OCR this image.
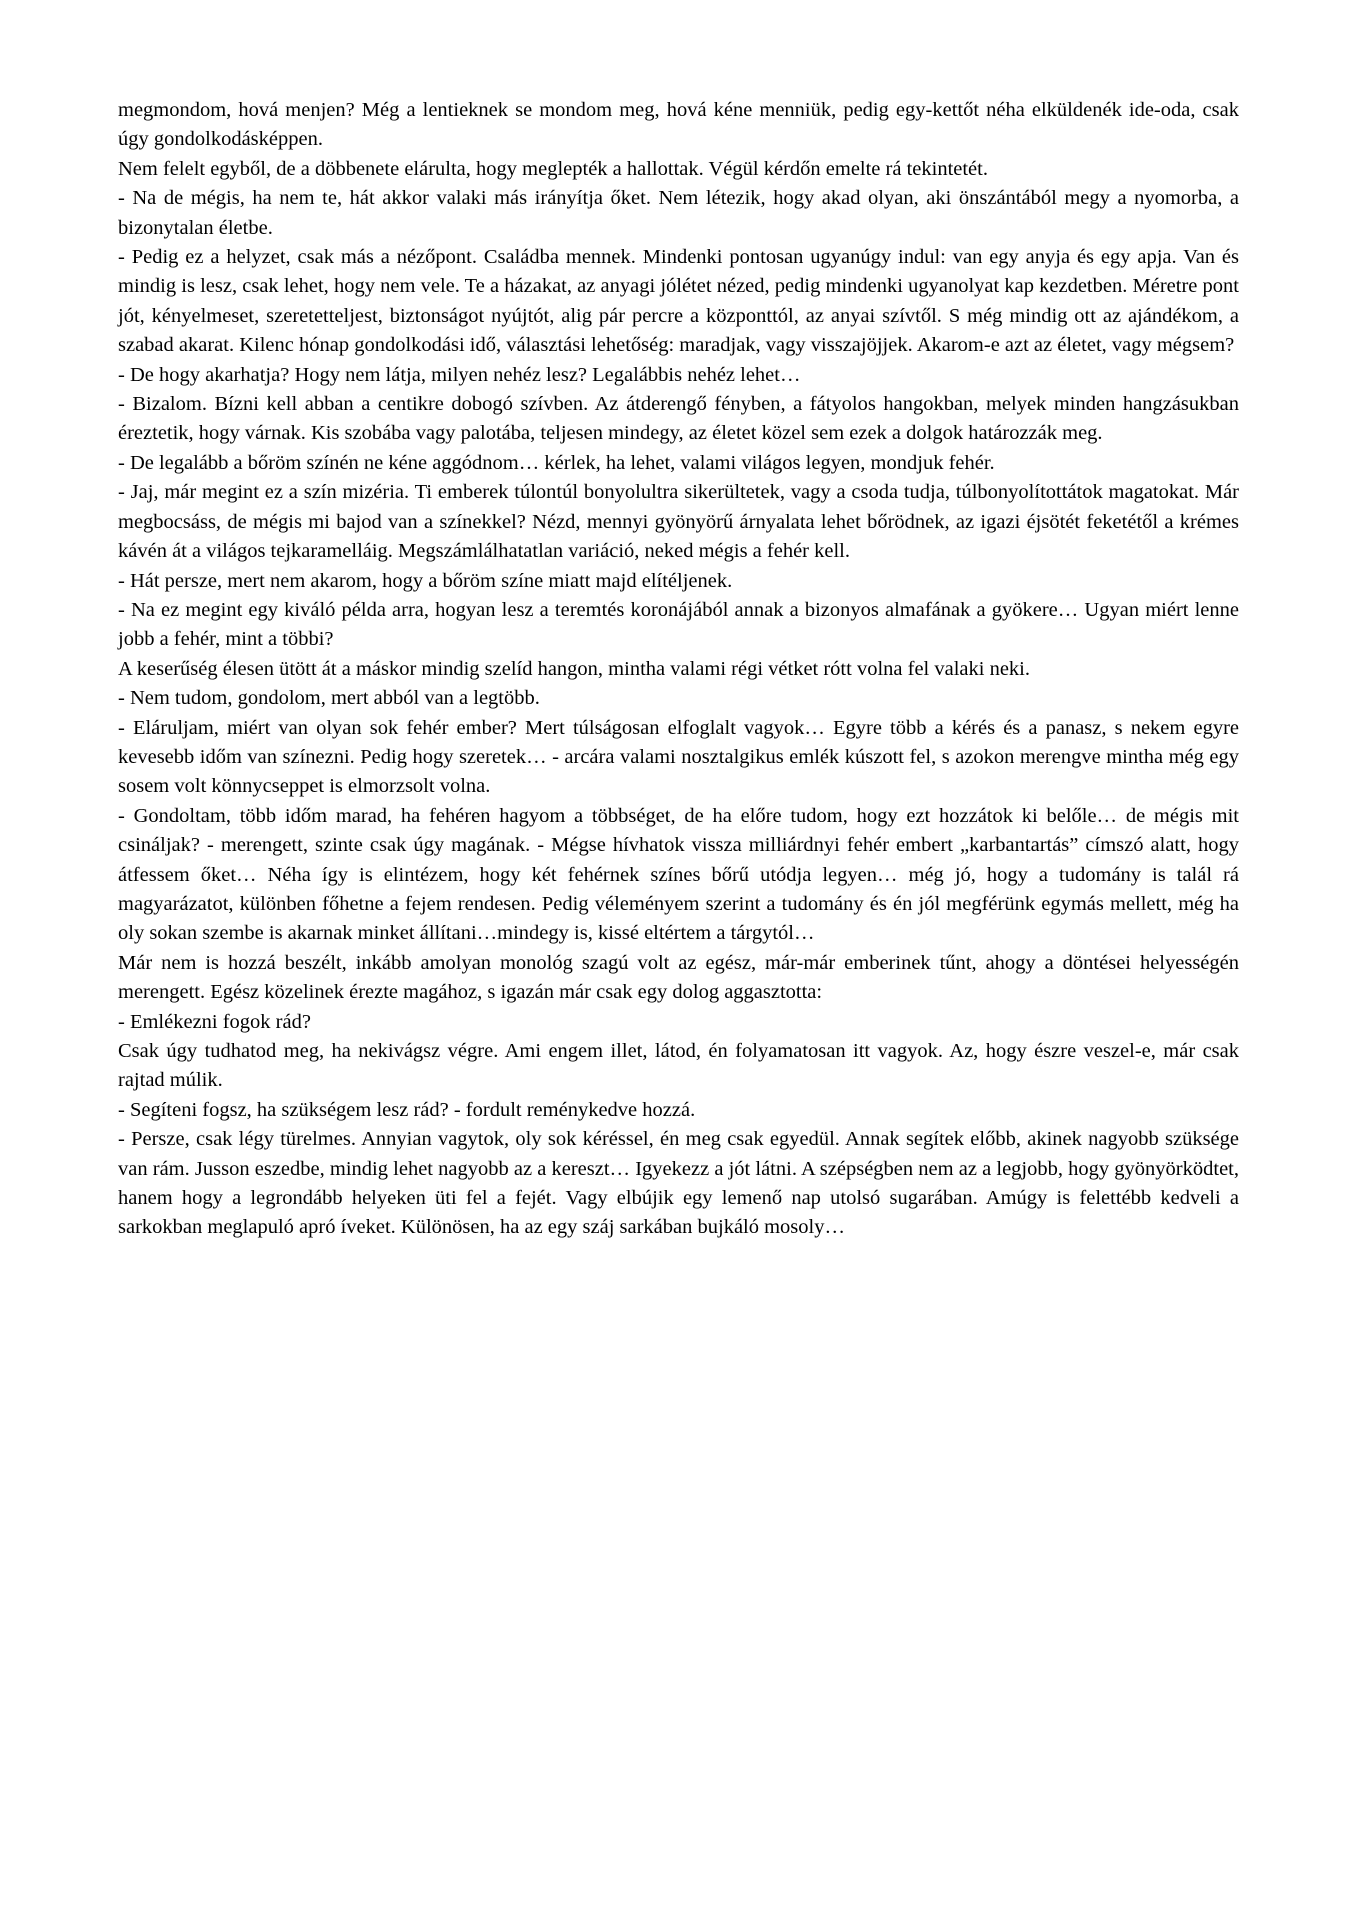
megmondom, hová menjen? Még a lentieknek se mondom meg, hová kéne menniük, pedig egy-kettőt néha elküldenék ide-oda, csak úgy gondolkodásképpen.

Nem felelt egyből, de a döbbenete elárulta, hogy meglepték a hallottak. Végül kérdőn emelte rá tekintetét.

- Na de mégis, ha nem te, hát akkor valaki más irányítja őket. Nem létezik, hogy akad olyan, aki önszántából megy a nyomorba, a bizonytalan életbe.

- Pedig ez a helyzet, csak más a nézőpont. Családba mennek. Mindenki pontosan ugyanúgy indul: van egy anyja és egy apja. Van és mindig is lesz, csak lehet, hogy nem vele. Te a házakat, az anyagi jólétet nézed, pedig mindenki ugyanolyat kap kezdetben. Méretre pont jót, kényelmeset, szeretetteljest, biztonságot nyújtót, alig pár percre a központtól, az anyai szívtől. S még mindig ott az ajándékom, a szabad akarat. Kilenc hónap gondolkodási idő, választási lehetőség: maradjak, vagy visszajöjjek. Akarom-e azt az életet, vagy mégsem?

- De hogy akarhatja? Hogy nem látja, milyen nehéz lesz? Legalábbis nehéz lehet…

- Bizalom. Bízni kell abban a centikre dobogó szívben. Az átderengő fényben, a fátyolos hangokban, melyek minden hangzásukban éreztetik, hogy várnak. Kis szobába vagy palotába, teljesen mindegy, az életet közel sem ezek a dolgok határozzák meg.

- De legalább a bőröm színén ne kéne aggódnom… kérlek, ha lehet, valami világos legyen, mondjuk fehér.

- Jaj, már megint ez a szín mizéria. Ti emberek túlontúl bonyolultra sikerültetek, vagy a csoda tudja, túlbonyolítottátok magatokat. Már megbocsáss, de mégis mi bajod van a színekkel? Nézd, mennyi gyönyörű árnyalata lehet bőrödnek, az igazi éjsötét feketétől a krémes kávén át a világos tejkaramelláig. Megszámlálhatatlan variáció, neked mégis a fehér kell.

- Hát persze, mert nem akarom, hogy a bőröm színe miatt majd elítéljenek.

- Na ez megint egy kiváló példa arra, hogyan lesz a teremtés koronájából annak a bizonyos almafának a gyökere… Ugyan miért lenne jobb a fehér, mint a többi?

A keserűség élesen ütött át a máskor mindig szelíd hangon, mintha valami régi vétket rótt volna fel valaki neki.

- Nem tudom, gondolom, mert abból van a legtöbb.

- Eláruljam, miért van olyan sok fehér ember? Mert túlságosan elfoglalt vagyok… Egyre több a kérés és a panasz, s nekem egyre kevesebb időm van színezni. Pedig hogy szeretek… - arcára valami nosztalgikus emlék kúszott fel, s azokon merengve mintha még egy sosem volt könnycseppet is elmorzsolt volna.

- Gondoltam, több időm marad, ha fehéren hagyom a többséget, de ha előre tudom, hogy ezt hozzátok ki belőle… de mégis mit csináljak? - merengett, szinte csak úgy magának. - Mégse hívhatok vissza milliárdnyi fehér embert „karbantartás” címszó alatt, hogy átfessem őket… Néha így is elintézem, hogy két fehérnek színes bőrű utódja legyen… még jó, hogy a tudomány is talál rá magyarázatot, különben főhetne a fejem rendesen. Pedig véleményem szerint a tudomány és én jól megférünk egymás mellett, még ha oly sokan szembe is akarnak minket állítani…mindegy is, kissé eltértem a tárgytól…

Már nem is hozzá beszélt, inkább amolyan monológ szagú volt az egész, már-már emberinek tűnt, ahogy a döntései helyességén merengett. Egész közelinek érezte magához, s igazán már csak egy dolog aggasztotta:

- Emlékezni fogok rád?

Csak úgy tudhatod meg, ha nekivágsz végre. Ami engem illet, látod, én folyamatosan itt vagyok. Az, hogy észre veszel-e, már csak rajtad múlik.

- Segíteni fogsz, ha szükségem lesz rád? - fordult reménykedve hozzá.

- Persze, csak légy türelmes. Annyian vagytok, oly sok kéréssel, én meg csak egyedül. Annak segítek előbb, akinek nagyobb szüksége van rám. Jusson eszedbe, mindig lehet nagyobb az a kereszt… Igyekezz a jót látni. A szépségben nem az a legjobb, hogy gyönyörködtet, hanem hogy a legrondább helyeken üti fel a fejét. Vagy elbújik egy lemenő nap utolsó sugarában. Amúgy is felettébb kedveli a sarkokban meglapuló apró íveket. Különösen, ha az egy száj sarkában bujkáló mosoly…
